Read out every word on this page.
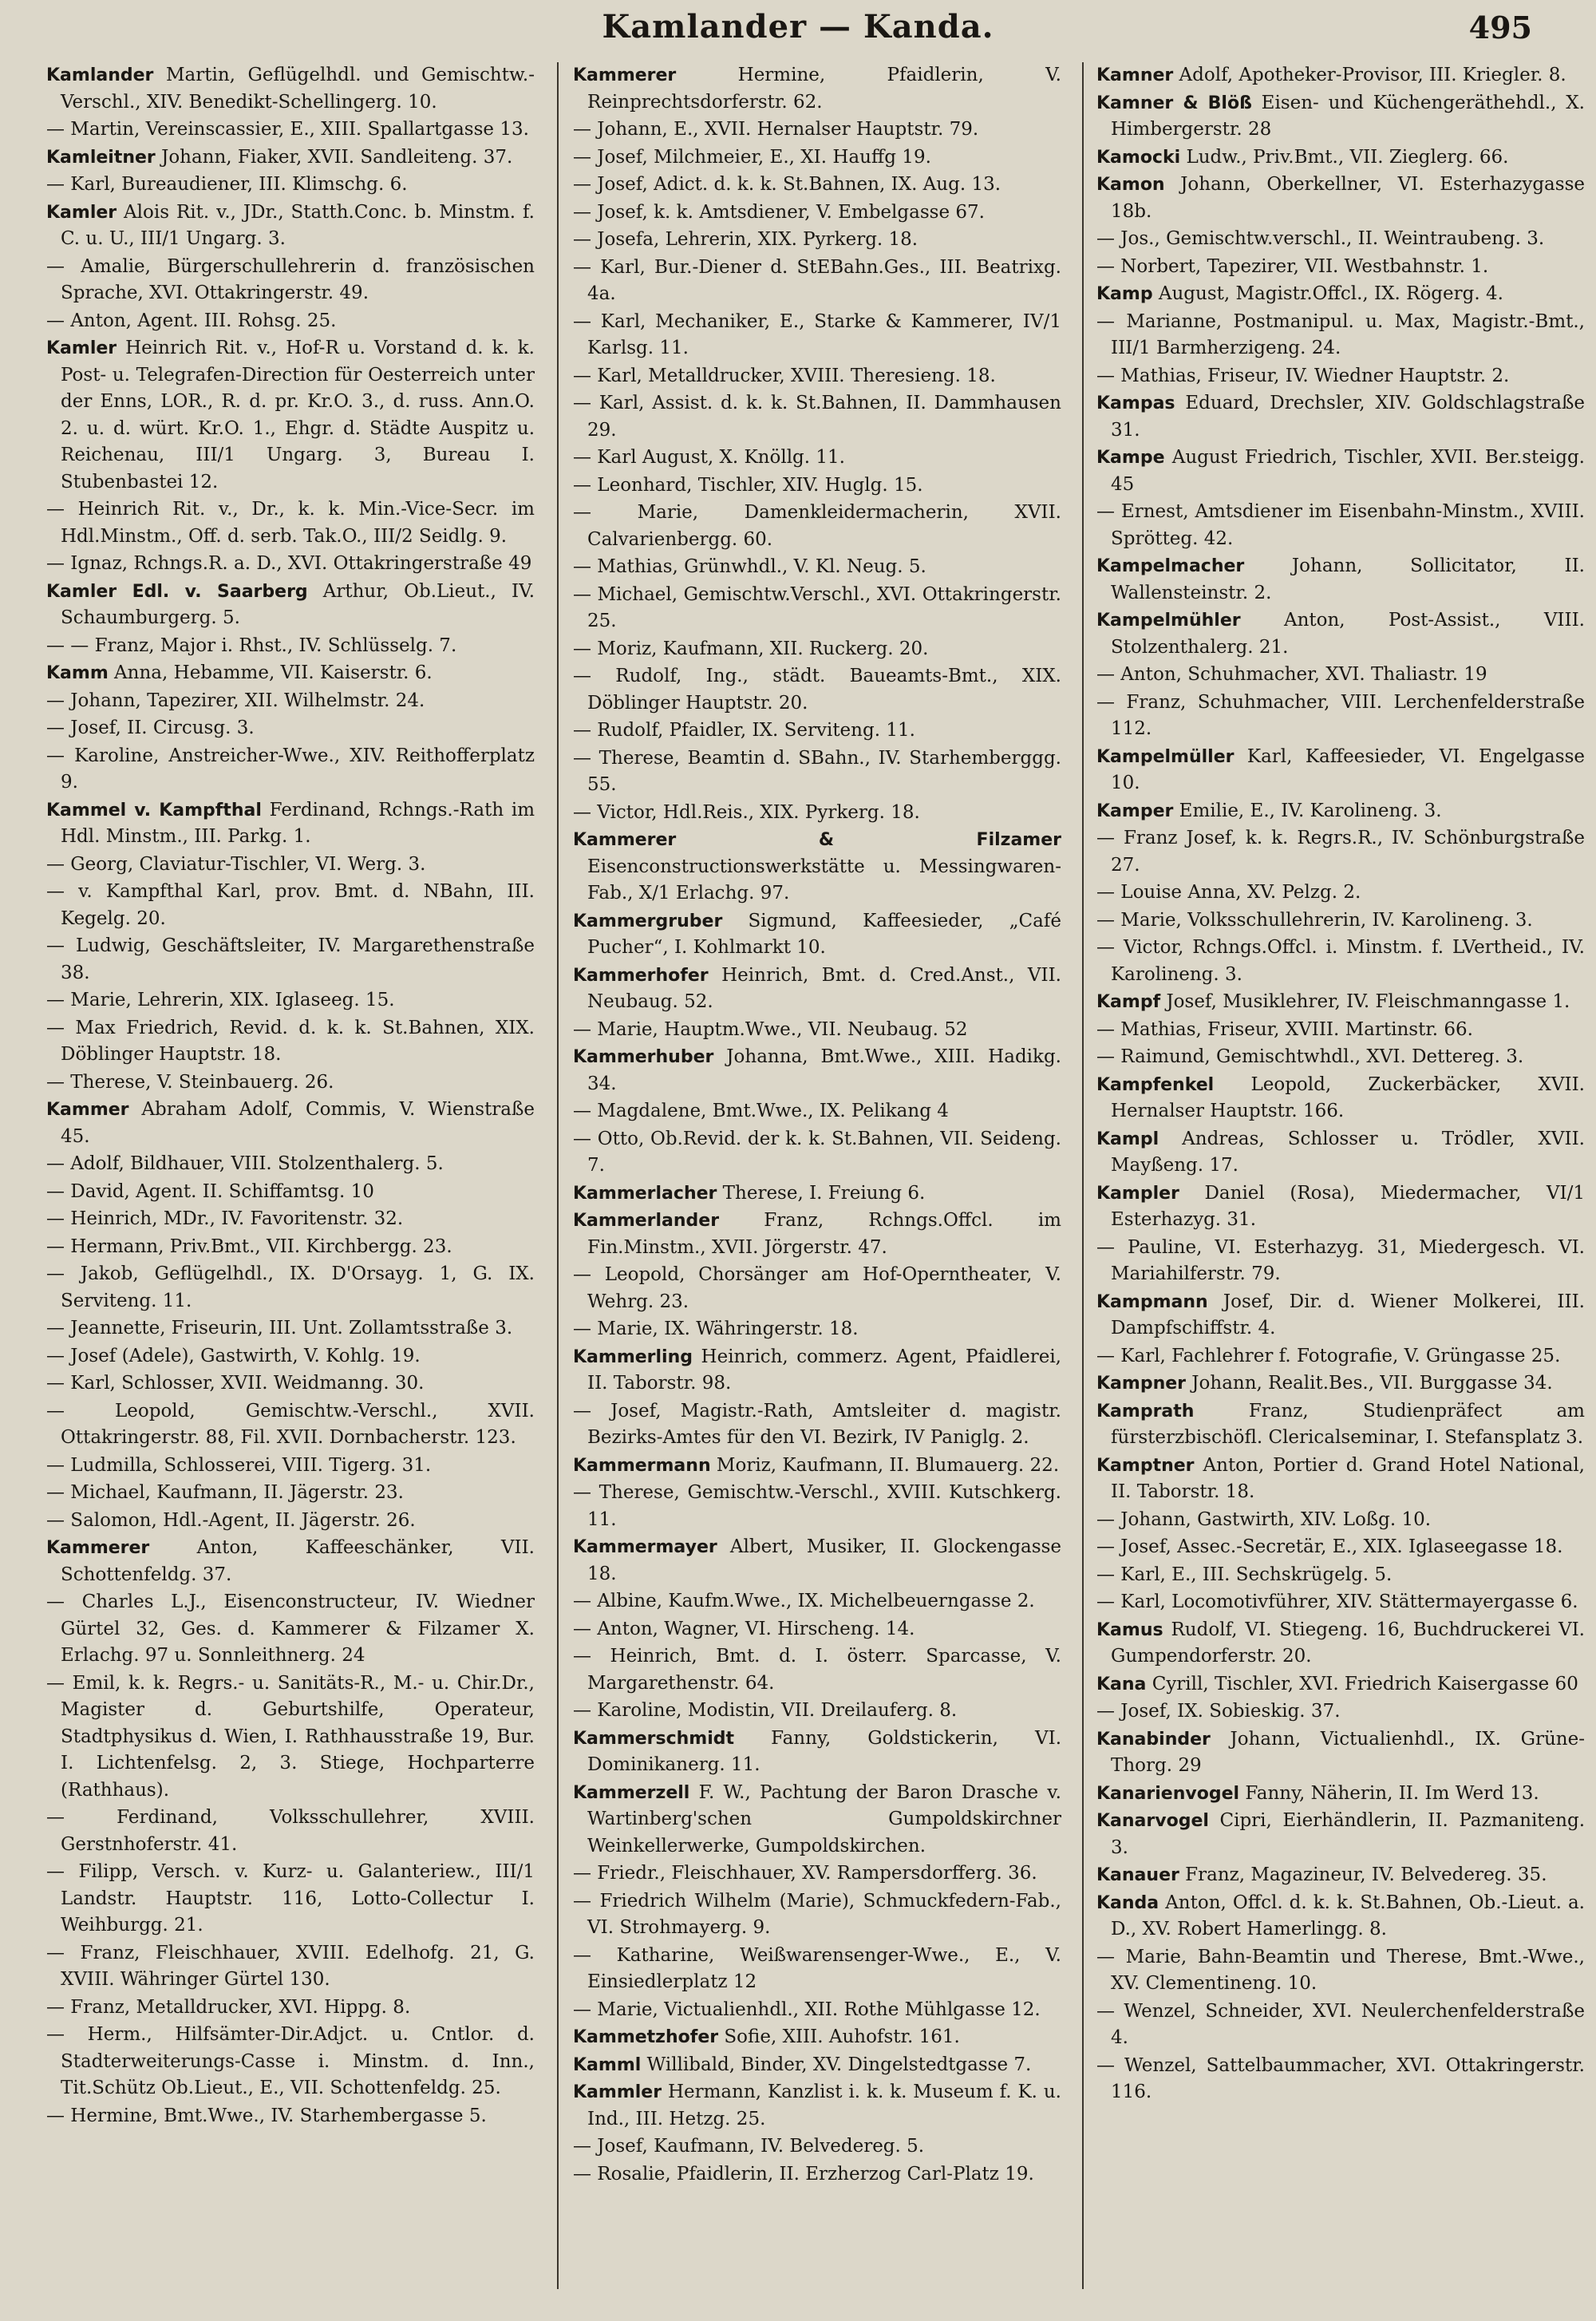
Kamlander — Kanda.	495
Kamlander Martin, Geflügelhdl. und Gemischtw.-Verschl., XIV. Benedikt-Schellingerg. 10.
— Martin, Vereinscassier, E., XIII. Spallartgasse 13.
Kamleitner Johann, Fiaker, XVII. Sandleiteng. 37.
— Karl, Bureaudiener, III. Klimschg. 6.
Kamler Alois Rit. v., JDr., Statth.Conc. b. Minstm. f. C. u. U., III/1 Ungarg. 3.
— Amalie, Bürgerschullehrerin d. französischen Sprache, XVI. Ottakringerstr. 49.
— Anton, Agent. III. Rohsg. 25.
Kamler Heinrich Rit. v., Hof-R u. Vorstand d. k. k. Post- u. Telegrafen-Direction für Oesterreich unter der Enns, LOR., R. d. pr. Kr.O. 3., d. russ. Ann.O. 2. u. d. würt. Kr.O. 1., Ehgr. d. Städte Auspitz u. Reichenau, III/1 Ungarg. 3, Bureau I. Stubenbastei 12.
— Heinrich Rit. v., Dr., k. k. Min.-Vice-Secr. im Hdl.Minstm., Off. d. serb. Tak.O., III/2 Seidlg. 9.
— Ignaz, Rchngs.R. a. D., XVI. Ottakringerstraße 49
Kamler Edl. v. Saarberg Arthur, Ob.Lieut., IV. Schaumburgerg. 5.
— — Franz, Major i. Rhst., IV. Schlüsselg. 7.
Kamm Anna, Hebamme, VII. Kaiserstr. 6.
— Johann, Tapezirer, XII. Wilhelmstr. 24.
— Josef, II. Circusg. 3.
— Karoline, Anstreicher-Wwe., XIV. Reithofferplatz 9.
Kammel v. Kampfthal Ferdinand, Rchngs.-Rath im Hdl. Minstm., III. Parkg. 1.
— Georg, Claviatur-Tischler, VI. Werg. 3.
— v. Kampfthal Karl, prov. Bmt. d. NBahn, III. Kegelg. 20.
— Ludwig, Geschäftsleiter, IV. Margarethenstraße 38.
— Marie, Lehrerin, XIX. Iglaseeg. 15.
— Max Friedrich, Revid. d. k. k. St.Bahnen, XIX. Döblinger Hauptstr. 18.
— Therese, V. Steinbauerg. 26.
Kammer Abraham Adolf, Commis, V. Wienstraße 45.
— Adolf, Bildhauer, VIII. Stolzenthalerg. 5.
— David, Agent. II. Schiffamtsg. 10
— Heinrich, MDr., IV. Favoritenstr. 32.
— Hermann, Priv.Bmt., VII. Kirchbergg. 23.
— Jakob, Geflügelhdl., IX. D'Orsayg. 1, G. IX. Serviteng. 11.
— Jeannette, Friseurin, III. Unt. Zollamtsstraße 3.
— Josef (Adele), Gastwirth, V. Kohlg. 19.
— Karl, Schlosser, XVII. Weidmanng. 30.
— Leopold, Gemischtw.-Verschl., XVII. Ottakringerstr. 88, Fil. XVII. Dornbacherstr. 123.
— Ludmilla, Schlosserei, VIII. Tigerg. 31.
— Michael, Kaufmann, II. Jägerstr. 23.
— Salomon, Hdl.-Agent, II. Jägerstr. 26.
Kammerer Anton, Kaffeeschänker, VII. Schottenfeldg. 37.
— Charles L.J., Eisenconstructeur, IV. Wiedner Gürtel 32, Ges. d. Kammerer & Filzamer X. Erlachg. 97 u. Sonnleithnerg. 24
— Emil, k. k. Regrs.- u. Sanitäts-R., M.- u. Chir.Dr., Magister d. Geburtshilfe, Operateur, Stadtphysikus d. Wien, I. Rathhausstraße 19, Bur. I. Lichtenfelsg. 2, 3. Stiege, Hochparterre (Rathhaus).
— Ferdinand, Volksschullehrer, XVIII. Gerstnhoferstr. 41.
— Filipp, Versch. v. Kurz- u. Galanteriew., III/1 Landstr. Hauptstr. 116, Lotto-Collectur I. Weihburgg. 21.
— Franz, Fleischhauer, XVIII. Edelhofg. 21, G. XVIII. Währinger Gürtel 130.
— Franz, Metalldrucker, XVI. Hippg. 8.
— Herm., Hilfsämter-Dir.Adjct. u. Cntlor. d. Stadterweiterungs-Casse i. Minstm. d. Inn., Tit.Schütz Ob.Lieut., E., VII. Schottenfeldg. 25.
— Hermine, Bmt.Wwe., IV. Starhembergasse 5.
Kammerer Hermine, Pfaidlerin, V. Reinprechtsdorferstr. 62.
— Johann, E., XVII. Hernalser Hauptstr. 79.
— Josef, Milchmeier, E., XI. Hauffg 19.
— Josef, Adict. d. k. k. St.Bahnen, IX. Aug. 13.
— Josef, k. k. Amtsdiener, V. Embelgasse 67.
— Josefa, Lehrerin, XIX. Pyrkerg. 18.
— Karl, Bur.-Diener d. StEBahn.Ges., III. Beatrixg. 4a.
— Karl, Mechaniker, E., Starke & Kammerer, IV/1 Karlsg. 11.
— Karl, Metalldrucker, XVIII. Theresieng. 18.
— Karl, Assist. d. k. k. St.Bahnen, II. Dammhausen 29.
— Karl August, X. Knöllg. 11.
— Leonhard, Tischler, XIV. Huglg. 15.
— Marie, Damenkleidermacherin, XVII. Calvarienbergg. 60.
— Mathias, Grünwhdl., V. Kl. Neug. 5.
— Michael, Gemischtw.Verschl., XVI. Ottakringerstr. 25.
— Moriz, Kaufmann, XII. Ruckerg. 20.
— Rudolf, Ing., städt. Baueamts-Bmt., XIX. Döblinger Hauptstr. 20.
— Rudolf, Pfaidler, IX. Serviteng. 11.
— Therese, Beamtin d. SBahn., IV. Starhemberggg. 55.
— Victor, Hdl.Reis., XIX. Pyrkerg. 18.
Kammerer & Filzamer Eisenconstructionswerkstätte u. Messingwaren-Fab., X/1 Erlachg. 97.
Kammergruber Sigmund, Kaffeesieder, „Café Pucher“, I. Kohlmarkt 10.
Kammerhofer Heinrich, Bmt. d. Cred.Anst., VII. Neubaug. 52.
— Marie, Hauptm.Wwe., VII. Neubaug. 52
Kammerhuber Johanna, Bmt.Wwe., XIII. Hadikg. 34.
— Magdalene, Bmt.Wwe., IX. Pelikang 4
— Otto, Ob.Revid. der k. k. St.Bahnen, VII. Seideng. 7.
Kammerlacher Therese, I. Freiung 6.
Kammerlander Franz, Rchngs.Offcl. im Fin.Minstm., XVII. Jörgerstr. 47.
— Leopold, Chorsänger am Hof-Operntheater, V. Wehrg. 23.
— Marie, IX. Währingerstr. 18.
Kammerling Heinrich, commerz. Agent, Pfaidlerei, II. Taborstr. 98.
— Josef, Magistr.-Rath, Amtsleiter d. magistr. Bezirks-Amtes für den VI. Bezirk, IV Paniglg. 2.
Kammermann Moriz, Kaufmann, II. Blumauerg. 22.
— Therese, Gemischtw.-Verschl., XVIII. Kutschkerg. 11.
Kammermayer Albert, Musiker, II. Glockengasse 18.
— Albine, Kaufm.Wwe., IX. Michelbeuerngasse 2.
— Anton, Wagner, VI. Hirscheng. 14.
— Heinrich, Bmt. d. I. österr. Sparcasse, V. Margarethenstr. 64.
— Karoline, Modistin, VII. Dreilauferg. 8.
Kammerschmidt Fanny, Goldstickerin, VI. Dominikanerg. 11.
Kammerzell F. W., Pachtung der Baron Drasche v. Wartinberg'schen Gumpoldskirchner Weinkellerwerke, Gumpoldskirchen.
— Friedr., Fleischhauer, XV. Rampersdorfferg. 36.
— Friedrich Wilhelm (Marie), Schmuckfedern-Fab., VI. Strohmayerg. 9.
— Katharine, Weißwarensenger-Wwe., E., V. Einsiedlerplatz 12
— Marie, Victualienhdl., XII. Rothe Mühlgasse 12.
Kammetzhofer Sofie, XIII. Auhofstr. 161.
Kamml Willibald, Binder, XV. Dingelstedtgasse 7.
Kammler Hermann, Kanzlist i. k. k. Museum f. K. u. Ind., III. Hetzg. 25.
— Josef, Kaufmann, IV. Belvedereg. 5.
— Rosalie, Pfaidlerin, II. Erzherzog Carl-Platz 19.
Kamner Adolf, Apotheker-Provisor, III. Kriegler. 8.
Kamner & Blöß Eisen- und Küchengeräthehdl., X. Himbergerstr. 28
Kamocki Ludw., Priv.Bmt., VII. Zieglerg. 66.
Kamon Johann, Oberkellner, VI. Esterhazygasse 18b.
— Jos., Gemischtw.verschl., II. Weintraubeng. 3.
— Norbert, Tapezirer, VII. Westbahnstr. 1.
Kamp August, Magistr.Offcl., IX. Rögerg. 4.
— Marianne, Postmanipul. u. Max, Magistr.-Bmt., III/1 Barmherzigeng. 24.
— Mathias, Friseur, IV. Wiedner Hauptstr. 2.
Kampas Eduard, Drechsler, XIV. Goldschlagstraße 31.
Kampe August Friedrich, Tischler, XVII. Ber.steigg. 45
— Ernest, Amtsdiener im Eisenbahn-Minstm., XVIII. Sprötteg. 42.
Kampelmacher Johann, Sollicitator, II. Wallensteinstr. 2.
Kampelmühler Anton, Post-Assist., VIII. Stolzenthalerg. 21.
— Anton, Schuhmacher, XVI. Thaliastr. 19
— Franz, Schuhmacher, VIII. Lerchenfelderstraße 112.
Kampelmüller Karl, Kaffeesieder, VI. Engelgasse 10.
Kamper Emilie, E., IV. Karolineng. 3.
— Franz Josef, k. k. Regrs.R., IV. Schönburgstraße 27.
— Louise Anna, XV. Pelzg. 2.
— Marie, Volksschullehrerin, IV. Karolineng. 3.
— Victor, Rchngs.Offcl. i. Minstm. f. LVertheid., IV. Karolineng. 3.
Kampf Josef, Musiklehrer, IV. Fleischmanngasse 1.
— Mathias, Friseur, XVIII. Martinstr. 66.
— Raimund, Gemischtwhdl., XVI. Dettereg. 3.
Kampfenkel Leopold, Zuckerbäcker, XVII. Hernalser Hauptstr. 166.
Kampl Andreas, Schlosser u. Trödler, XVII. Mayßeng. 17.
Kampler Daniel (Rosa), Miedermacher, VI/1 Esterhazyg. 31.
— Pauline, VI. Esterhazyg. 31, Miedergesch. VI. Mariahilferstr. 79.
Kampmann Josef, Dir. d. Wiener Molkerei, III. Dampfschiffstr. 4.
— Karl, Fachlehrer f. Fotografie, V. Grüngasse 25.
Kampner Johann, Realit.Bes., VII. Burggasse 34.
Kamprath Franz, Studienpräfect am fürsterzbischöfl. Clericalseminar, I. Stefansplatz 3.
Kamptner Anton, Portier d. Grand Hotel National, II. Taborstr. 18.
— Johann, Gastwirth, XIV. Loßg. 10.
— Josef, Assec.-Secretär, E., XIX. Iglaseegasse 18.
— Karl, E., III. Sechskrügelg. 5.
— Karl, Locomotivführer, XIV. Stättermayergasse 6.
Kamus Rudolf, VI. Stiegeng. 16, Buchdruckerei VI. Gumpendorferstr. 20.
Kana Cyrill, Tischler, XVI. Friedrich Kaisergasse 60
— Josef, IX. Sobieskig. 37.
Kanabinder Johann, Victualienhdl., IX. Grüne-Thorg. 29
Kanarienvogel Fanny, Näherin, II. Im Werd 13.
Kanarvogel Cipri, Eierhändlerin, II. Pazmaniteng. 3.
Kanauer Franz, Magazineur, IV. Belvedereg. 35.
Kanda Anton, Offcl. d. k. k. St.Bahnen, Ob.-Lieut. a. D., XV. Robert Hamerlingg. 8.
— Marie, Bahn-Beamtin und Therese, Bmt.-Wwe., XV. Clementineng. 10.
— Wenzel, Schneider, XVI. Neulerchenfelderstraße 4.
— Wenzel, Sattelbaummacher, XVI. Ottakringerstr. 116.
